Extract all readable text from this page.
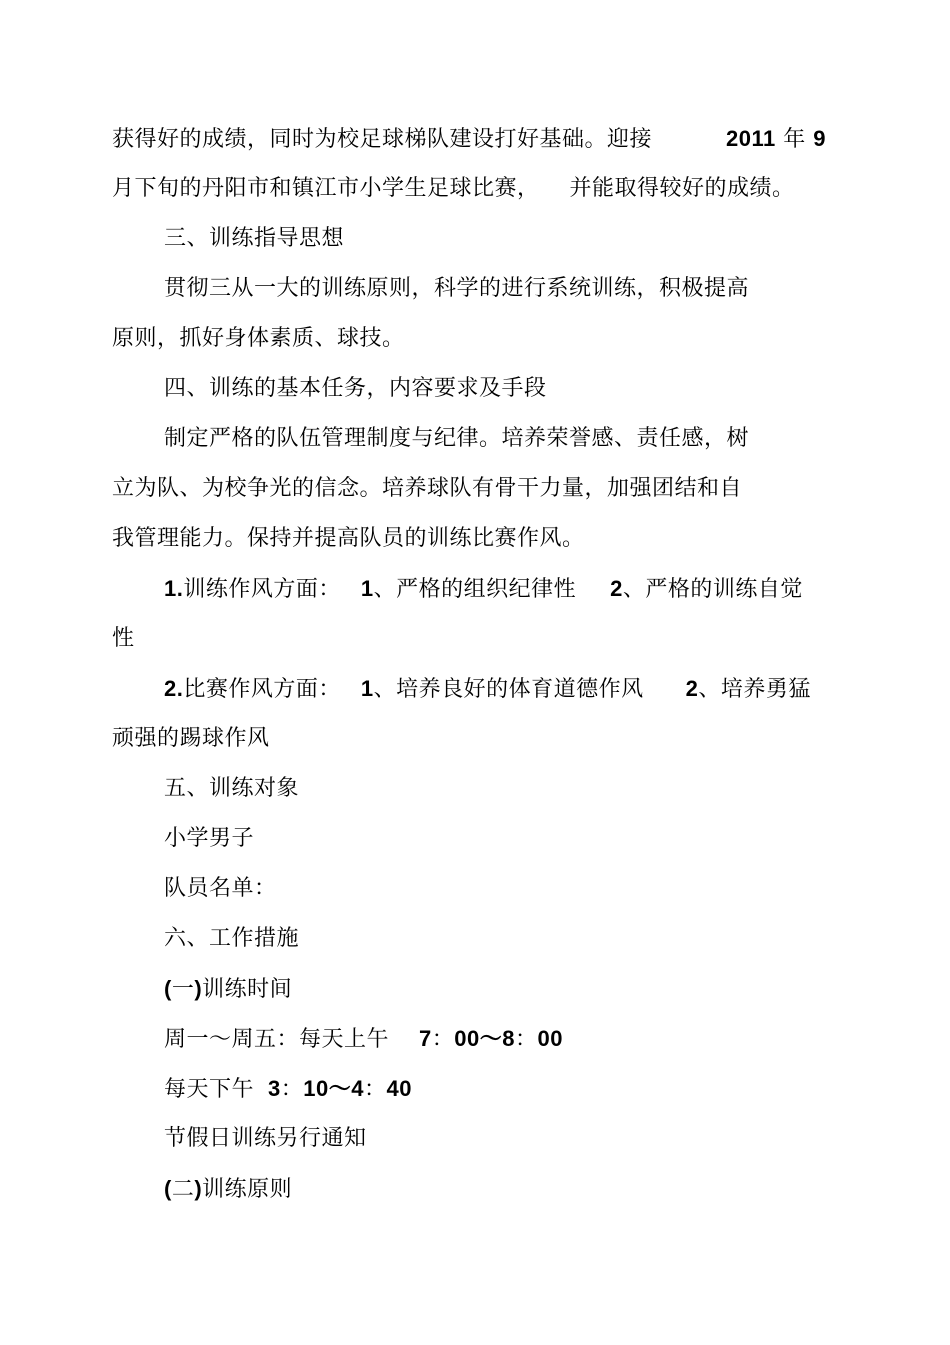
获得好的成绩，同时为校足球梯队建设打好基础。迎接	2011 年 9
月下旬的丹阳市和镇江市小学生足球比赛， 并能取得较好的成绩。
三、训练指导思想
贯彻三从一大的训练原则，科学的进行系统训练，积极提高
原则，抓好身体素质、球技。
四、训练的基本任务，内容要求及手段
制定严格的队伍管理制度与纪律。培养荣誉感、责任感，树
立为队、为校争光的信念。培养球队有骨干力量，加强团结和自
我管理能力。保持并提高队员的训练比赛作风。
1.训练作风方面： 1、严格的组织纪律性 2、严格的训练自觉
性
2.比赛作风方面： 1、培养良好的体育道德作风 2、培养勇猛
顽强的踢球作风
五、训练对象
小学男子
队员名单：
六、工作措施
(一)训练时间
周一～周五：每天上午 7：00～8：00
每天下午 3：10～4：40
节假日训练另行通知
(二)训练原则
